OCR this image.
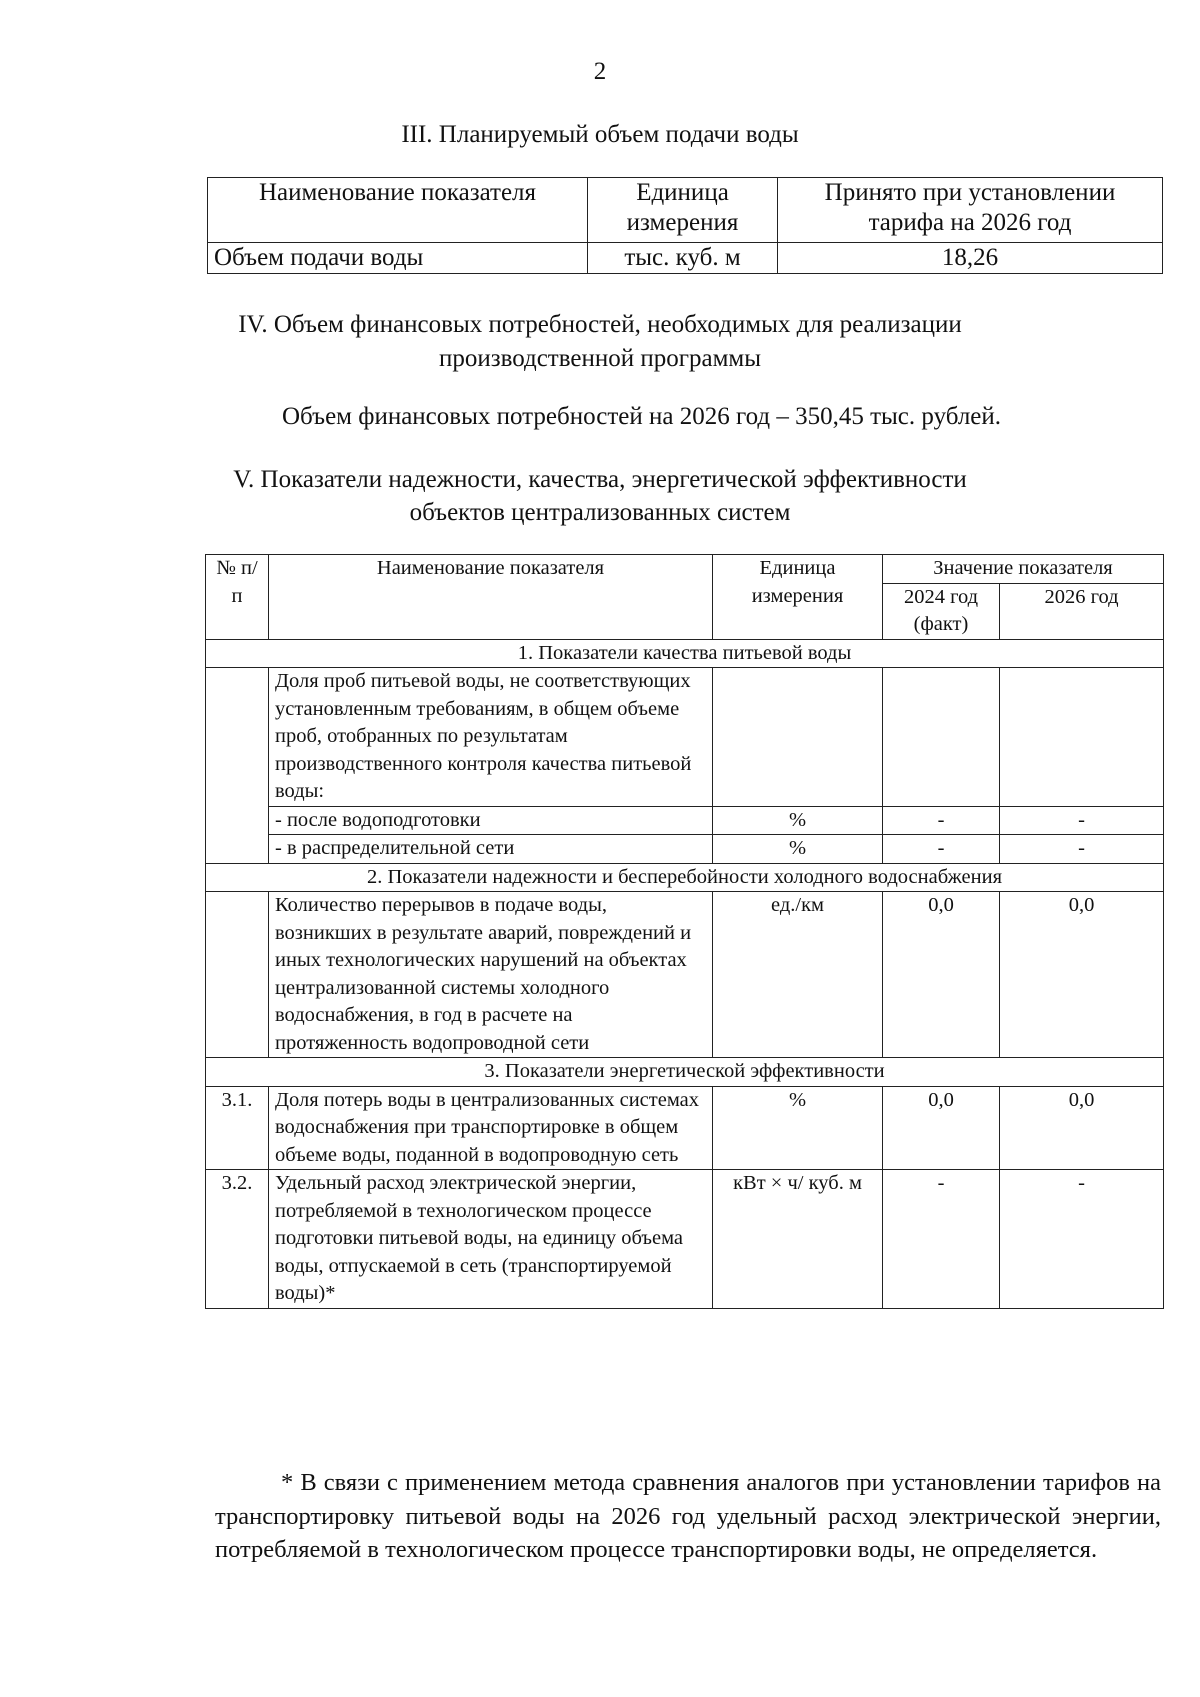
2
III. Планируемый объем подачи воды
Наименование показателя	Единица измерения	Принято при установлении тарифа на 2026 год
Объем подачи воды	тыс. куб. м	18,26
IV. Объем финансовых потребностей, необходимых для реализации
производственной программы
Объем финансовых потребностей на 2026 год – 350,45 тыс. рублей.
V. Показатели надежности, качества, энергетической эффективности
объектов централизованных систем
№ п/п	Наименование показателя	Единица измерения	Значение показателя	
			2024 год (факт)	2026 год
1. Показатели качества питьевой воды				
	Доля проб питьевой воды, не соответствующих установленным требованиям, в общем объеме проб, отобранных по результатам производственного контроля качества питьевой воды:			
	- после водоподготовки	%	-	-
	- в распределительной сети	%	-	-
2. Показатели надежности и бесперебойности холодного водоснабжения				
	Количество перерывов в подаче воды, возникших в результате аварий, повреждений и иных технологических нарушений на объектах централизованной системы холодного водоснабжения, в год в расчете на протяженность водопроводной сети	ед./км	0,0	0,0
3. Показатели энергетической эффективности				
3.1.	Доля потерь воды в централизованных системах водоснабжения при транспортировке в общем объеме воды, поданной в водопроводную сеть	%	0,0	0,0
3.2.	Удельный расход электрической энергии, потребляемой в технологическом процессе подготовки питьевой воды, на единицу объема воды, отпускаемой в сеть (транспортируемой воды)*	кВт × ч/ куб. м	-	-
* В связи с применением метода сравнения аналогов при установлении тарифов на транспортировку питьевой воды на 2026 год удельный расход электрической энергии, потребляемой в технологическом процессе транспортировки воды, не определяется.
